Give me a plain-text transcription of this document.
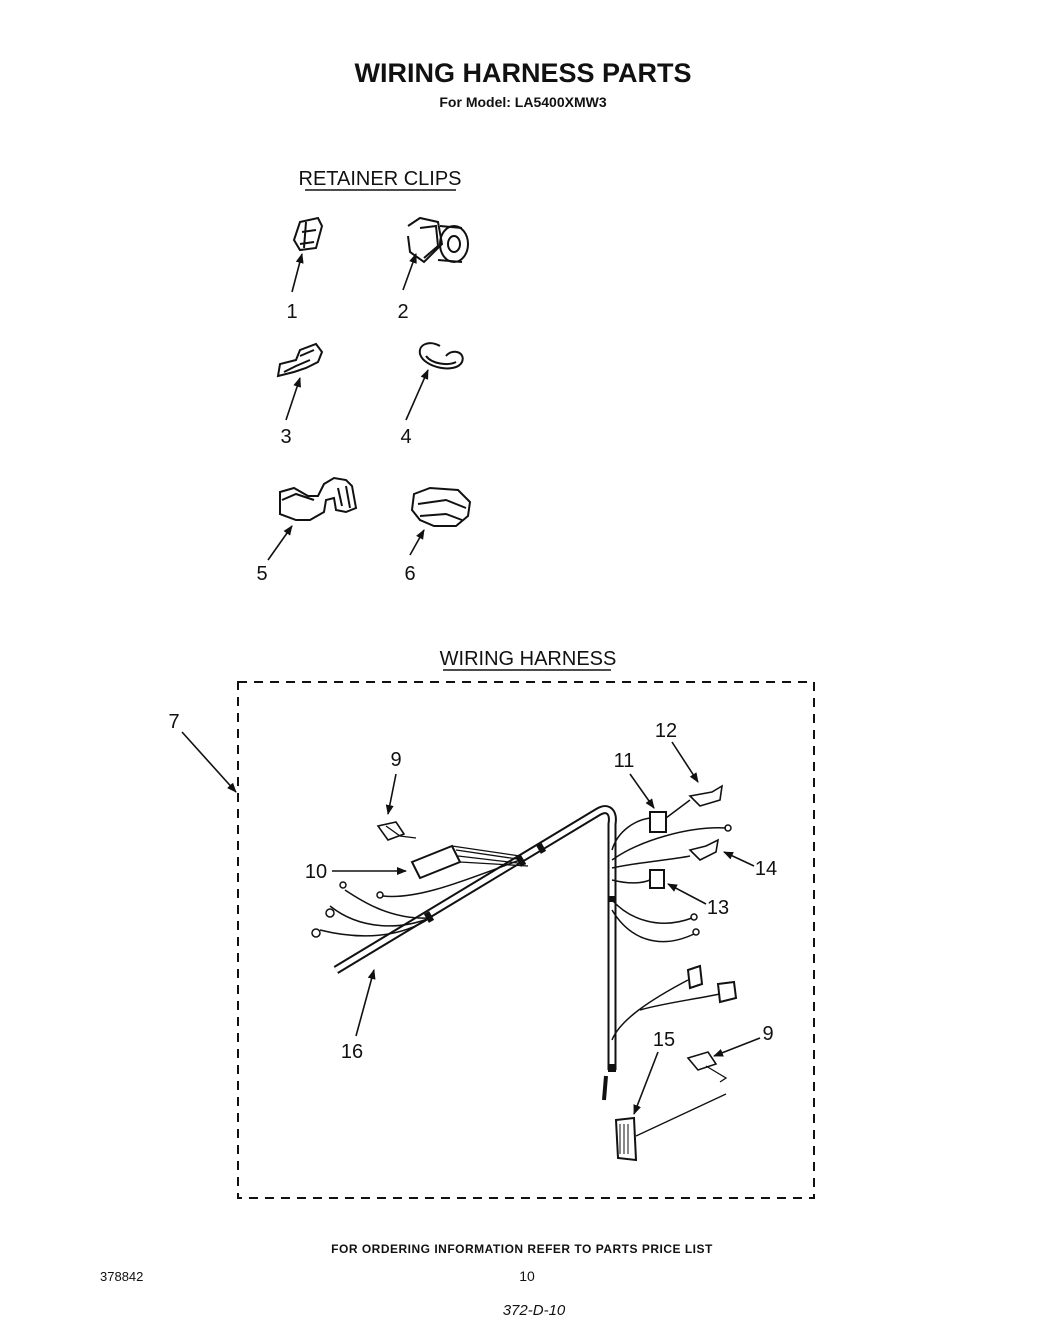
WIRING HARNESS PARTS
For Model: LA5400XMW3
RETAINER CLIPS
1	2
3	4
5	6
WIRING HARNESS
7
9
10
11
12
13
14
9
15
16
FOR ORDERING INFORMATION REFER TO PARTS PRICE LIST
378842	10
372-D-10
